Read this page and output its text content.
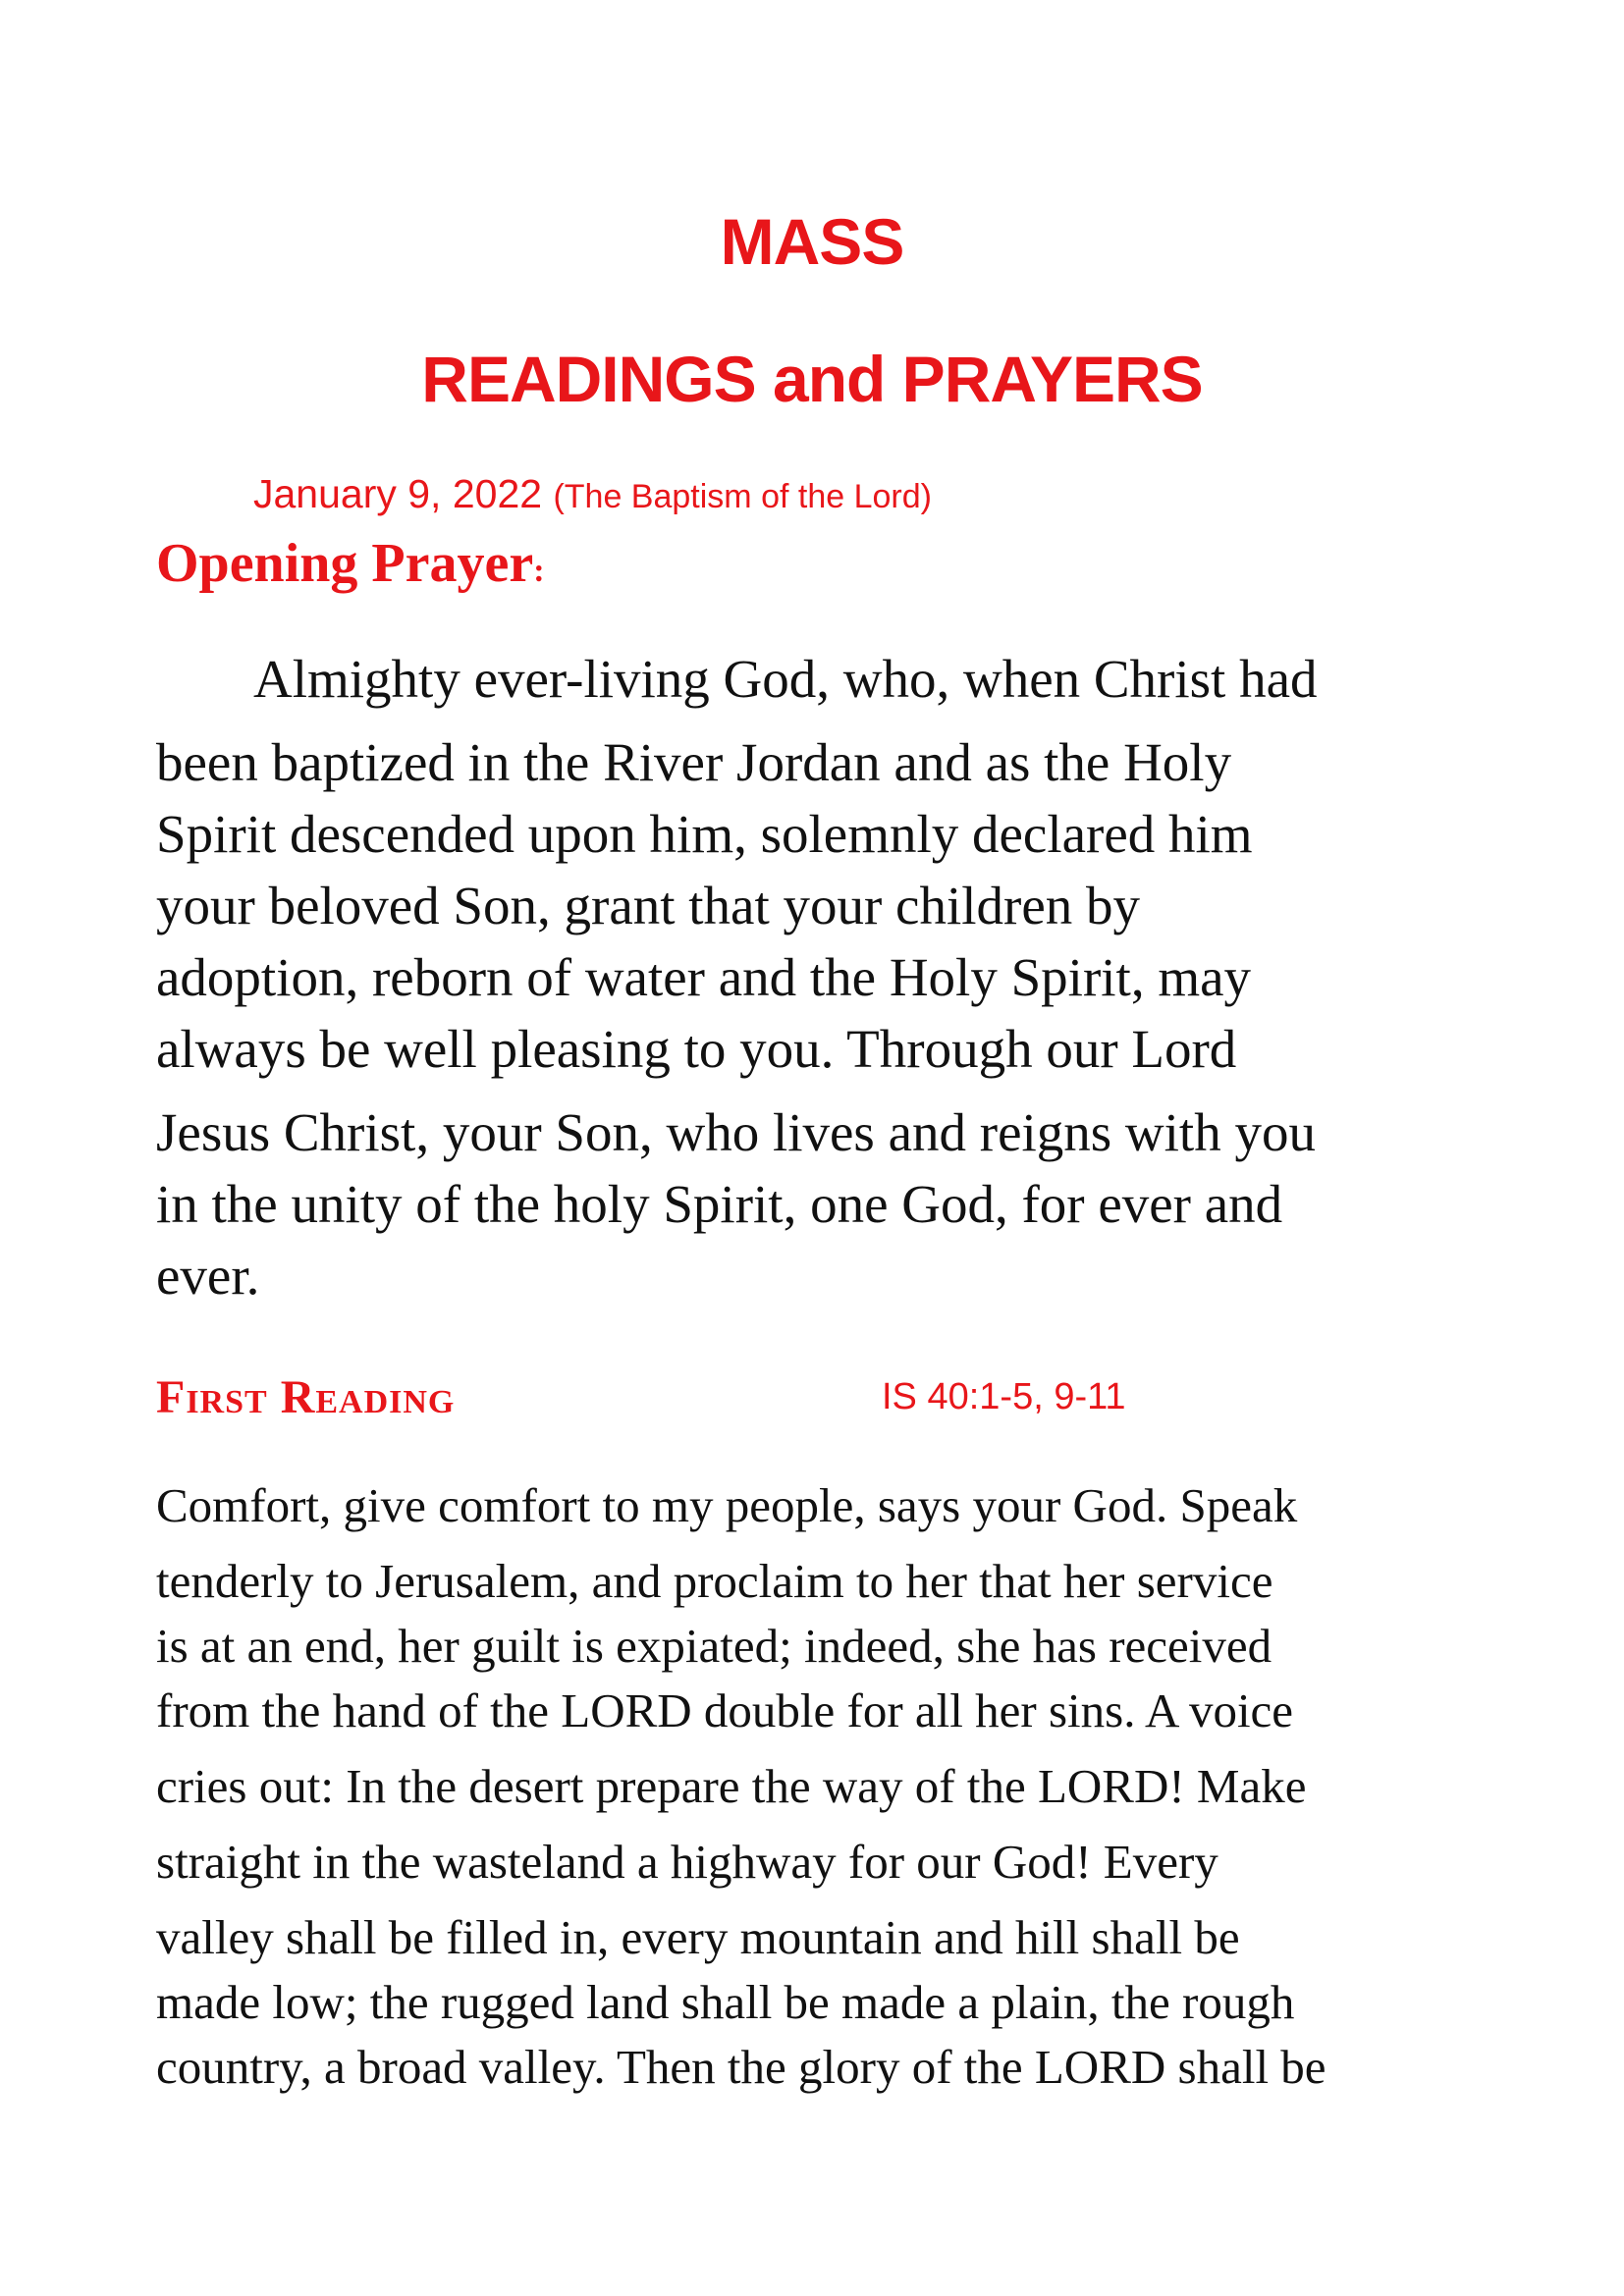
MASS
READINGS and PRAYERS
January 9, 2022 (The Baptism of the Lord)
Opening Prayer:
Almighty ever-living God, who, when Christ had
been baptized in the River Jordan and as the Holy
Spirit descended upon him, solemnly declared him
your beloved Son, grant that your children by
adoption, reborn of water and the Holy Spirit, may
always be well pleasing to you. Through our Lord
Jesus Christ, your Son, who lives and reigns with you
in the unity of the holy Spirit, one God, for ever and
ever.
First Reading	IS 40:1-5, 9-11
Comfort, give comfort to my people, says your God. Speak
tenderly to Jerusalem, and proclaim to her that her service
is at an end, her guilt is expiated; indeed, she has received
from the hand of the LORD double for all her sins. A voice
cries out: In the desert prepare the way of the LORD! Make
straight in the wasteland a highway for our God! Every
valley shall be filled in, every mountain and hill shall be
made low; the rugged land shall be made a plain, the rough
country, a broad valley. Then the glory of the LORD shall be
